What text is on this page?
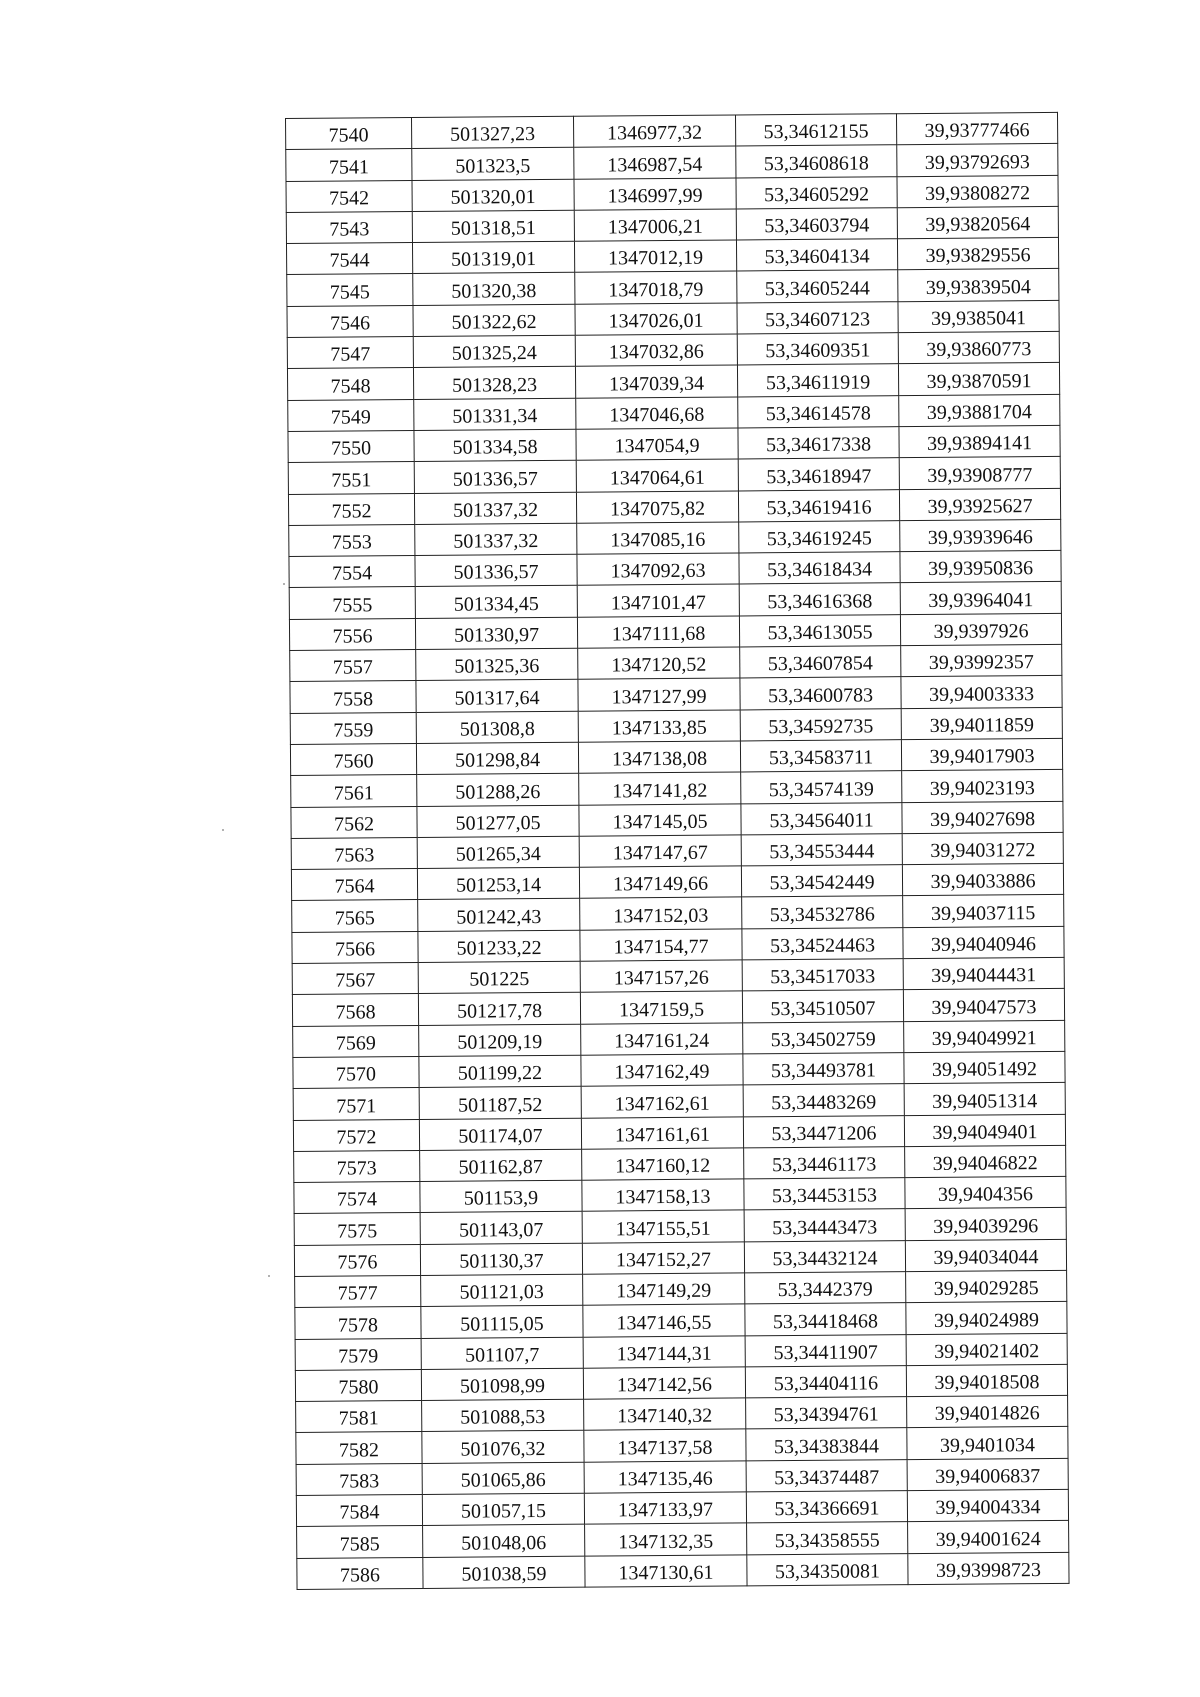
7540	501327,23	1346977,32	53,34612155	39,93777466
7541	501323,5	1346987,54	53,34608618	39,93792693
7542	501320,01	1346997,99	53,34605292	39,93808272
7543	501318,51	1347006,21	53,34603794	39,93820564
7544	501319,01	1347012,19	53,34604134	39,93829556
7545	501320,38	1347018,79	53,34605244	39,93839504
7546	501322,62	1347026,01	53,34607123	39,9385041
7547	501325,24	1347032,86	53,34609351	39,93860773
7548	501328,23	1347039,34	53,34611919	39,93870591
7549	501331,34	1347046,68	53,34614578	39,93881704
7550	501334,58	1347054,9	53,34617338	39,93894141
7551	501336,57	1347064,61	53,34618947	39,93908777
7552	501337,32	1347075,82	53,34619416	39,93925627
7553	501337,32	1347085,16	53,34619245	39,93939646
7554	501336,57	1347092,63	53,34618434	39,93950836
7555	501334,45	1347101,47	53,34616368	39,93964041
7556	501330,97	1347111,68	53,34613055	39,9397926
7557	501325,36	1347120,52	53,34607854	39,93992357
7558	501317,64	1347127,99	53,34600783	39,94003333
7559	501308,8	1347133,85	53,34592735	39,94011859
7560	501298,84	1347138,08	53,34583711	39,94017903
7561	501288,26	1347141,82	53,34574139	39,94023193
7562	501277,05	1347145,05	53,34564011	39,94027698
7563	501265,34	1347147,67	53,34553444	39,94031272
7564	501253,14	1347149,66	53,34542449	39,94033886
7565	501242,43	1347152,03	53,34532786	39,94037115
7566	501233,22	1347154,77	53,34524463	39,94040946
7567	501225	1347157,26	53,34517033	39,94044431
7568	501217,78	1347159,5	53,34510507	39,94047573
7569	501209,19	1347161,24	53,34502759	39,94049921
7570	501199,22	1347162,49	53,34493781	39,94051492
7571	501187,52	1347162,61	53,34483269	39,94051314
7572	501174,07	1347161,61	53,34471206	39,94049401
7573	501162,87	1347160,12	53,34461173	39,94046822
7574	501153,9	1347158,13	53,34453153	39,9404356
7575	501143,07	1347155,51	53,34443473	39,94039296
7576	501130,37	1347152,27	53,34432124	39,94034044
7577	501121,03	1347149,29	53,3442379	39,94029285
7578	501115,05	1347146,55	53,34418468	39,94024989
7579	501107,7	1347144,31	53,34411907	39,94021402
7580	501098,99	1347142,56	53,34404116	39,94018508
7581	501088,53	1347140,32	53,34394761	39,94014826
7582	501076,32	1347137,58	53,34383844	39,9401034
7583	501065,86	1347135,46	53,34374487	39,94006837
7584	501057,15	1347133,97	53,34366691	39,94004334
7585	501048,06	1347132,35	53,34358555	39,94001624
7586	501038,59	1347130,61	53,34350081	39,93998723
